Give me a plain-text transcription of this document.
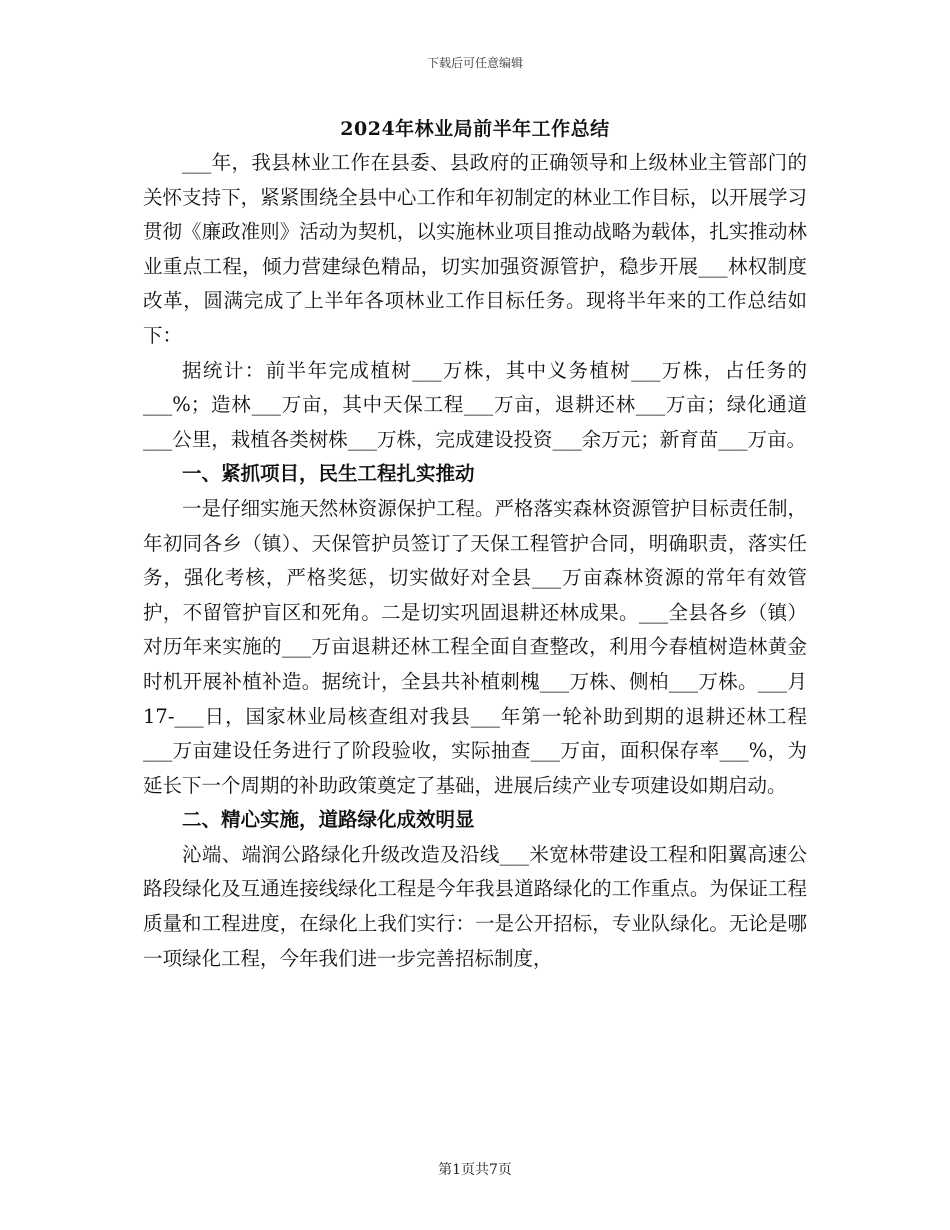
下载后可任意编辑
2024年林业局前半年工作总结

___年，我县林业工作在县委、县政府的正确领导和上级林业主管部门的关怀支持下，紧紧围绕全县中心工作和年初制定的林业工作目标，以开展学习贯彻《廉政准则》活动为契机，以实施林业项目推动战略为载体，扎实推动林业重点工程，倾力营建绿色精品，切实加强资源管护，稳步开展___林权制度改革，圆满完成了上半年各项林业工作目标任务。现将半年来的工作总结如下：

据统计：前半年完成植树___万株，其中义务植树___万株，占任务的___%；造林___万亩，其中天保工程___万亩，退耕还林___万亩；绿化通道___公里，栽植各类树株___万株，完成建设投资___余万元；新育苗___万亩。

一、紧抓项目，民生工程扎实推动

一是仔细实施天然林资源保护工程。严格落实森林资源管护目标责任制，年初同各乡（镇）、天保管护员签订了天保工程管护合同，明确职责，落实任务，强化考核，严格奖惩，切实做好对全县___万亩森林资源的常年有效管护，不留管护盲区和死角。二是切实巩固退耕还林成果。___全县各乡（镇）对历年来实施的___万亩退耕还林工程全面自查整改，利用今春植树造林黄金时机开展补植补造。据统计，全县共补植刺槐___万株、侧柏___万株。___月17-___日，国家林业局核查组对我县___年第一轮补助到期的退耕还林工程___万亩建设任务进行了阶段验收，实际抽查___万亩，面积保存率___%，为延长下一个周期的补助政策奠定了基础，进展后续产业专项建设如期启动。

二、精心实施，道路绿化成效明显

沁端、端润公路绿化升级改造及沿线___米宽林带建设工程和阳翼高速公路段绿化及互通连接线绿化工程是今年我县道路绿化的工作重点。为保证工程质量和工程进度，在绿化上我们实行：一是公开招标，专业队绿化。无论是哪一项绿化工程，今年我们进一步完善招标制度，

第1页共7页
